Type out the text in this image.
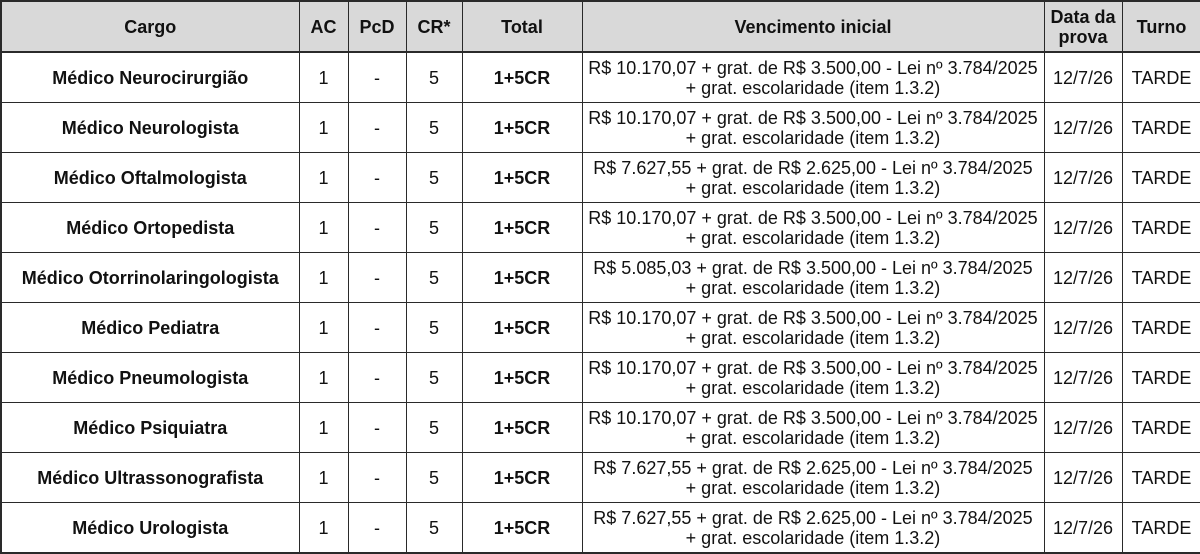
Cargo	AC	PcD	CR*	Total	Vencimento inicial	Data da
prova	Turno
Médico Neurocirurgião	1	-	5	1+5CR	R$ 10.170,07 + grat. de R$ 3.500,00 - Lei nº 3.784/2025
+ grat. escolaridade (item 1.3.2)	12/7/26	TARDE
Médico Neurologista	1	-	5	1+5CR	R$ 10.170,07 + grat. de R$ 3.500,00 - Lei nº 3.784/2025
+ grat. escolaridade (item 1.3.2)	12/7/26	TARDE
Médico Oftalmologista	1	-	5	1+5CR	R$ 7.627,55 + grat. de R$ 2.625,00 - Lei nº 3.784/2025
+ grat. escolaridade (item 1.3.2)	12/7/26	TARDE
Médico Ortopedista	1	-	5	1+5CR	R$ 10.170,07 + grat. de R$ 3.500,00 - Lei nº 3.784/2025
+ grat. escolaridade (item 1.3.2)	12/7/26	TARDE
Médico Otorrinolaringologista	1	-	5	1+5CR	R$ 5.085,03 + grat. de R$ 3.500,00 - Lei nº 3.784/2025
+ grat. escolaridade (item 1.3.2)	12/7/26	TARDE
Médico Pediatra	1	-	5	1+5CR	R$ 10.170,07 + grat. de R$ 3.500,00 - Lei nº 3.784/2025
+ grat. escolaridade (item 1.3.2)	12/7/26	TARDE
Médico Pneumologista	1	-	5	1+5CR	R$ 10.170,07 + grat. de R$ 3.500,00 - Lei nº 3.784/2025
+ grat. escolaridade (item 1.3.2)	12/7/26	TARDE
Médico Psiquiatra	1	-	5	1+5CR	R$ 10.170,07 + grat. de R$ 3.500,00 - Lei nº 3.784/2025
+ grat. escolaridade (item 1.3.2)	12/7/26	TARDE
Médico Ultrassonografista	1	-	5	1+5CR	R$ 7.627,55 + grat. de R$ 2.625,00 - Lei nº 3.784/2025
+ grat. escolaridade (item 1.3.2)	12/7/26	TARDE
Médico Urologista	1	-	5	1+5CR	R$ 7.627,55 + grat. de R$ 2.625,00 - Lei nº 3.784/2025
+ grat. escolaridade (item 1.3.2)	12/7/26	TARDE
